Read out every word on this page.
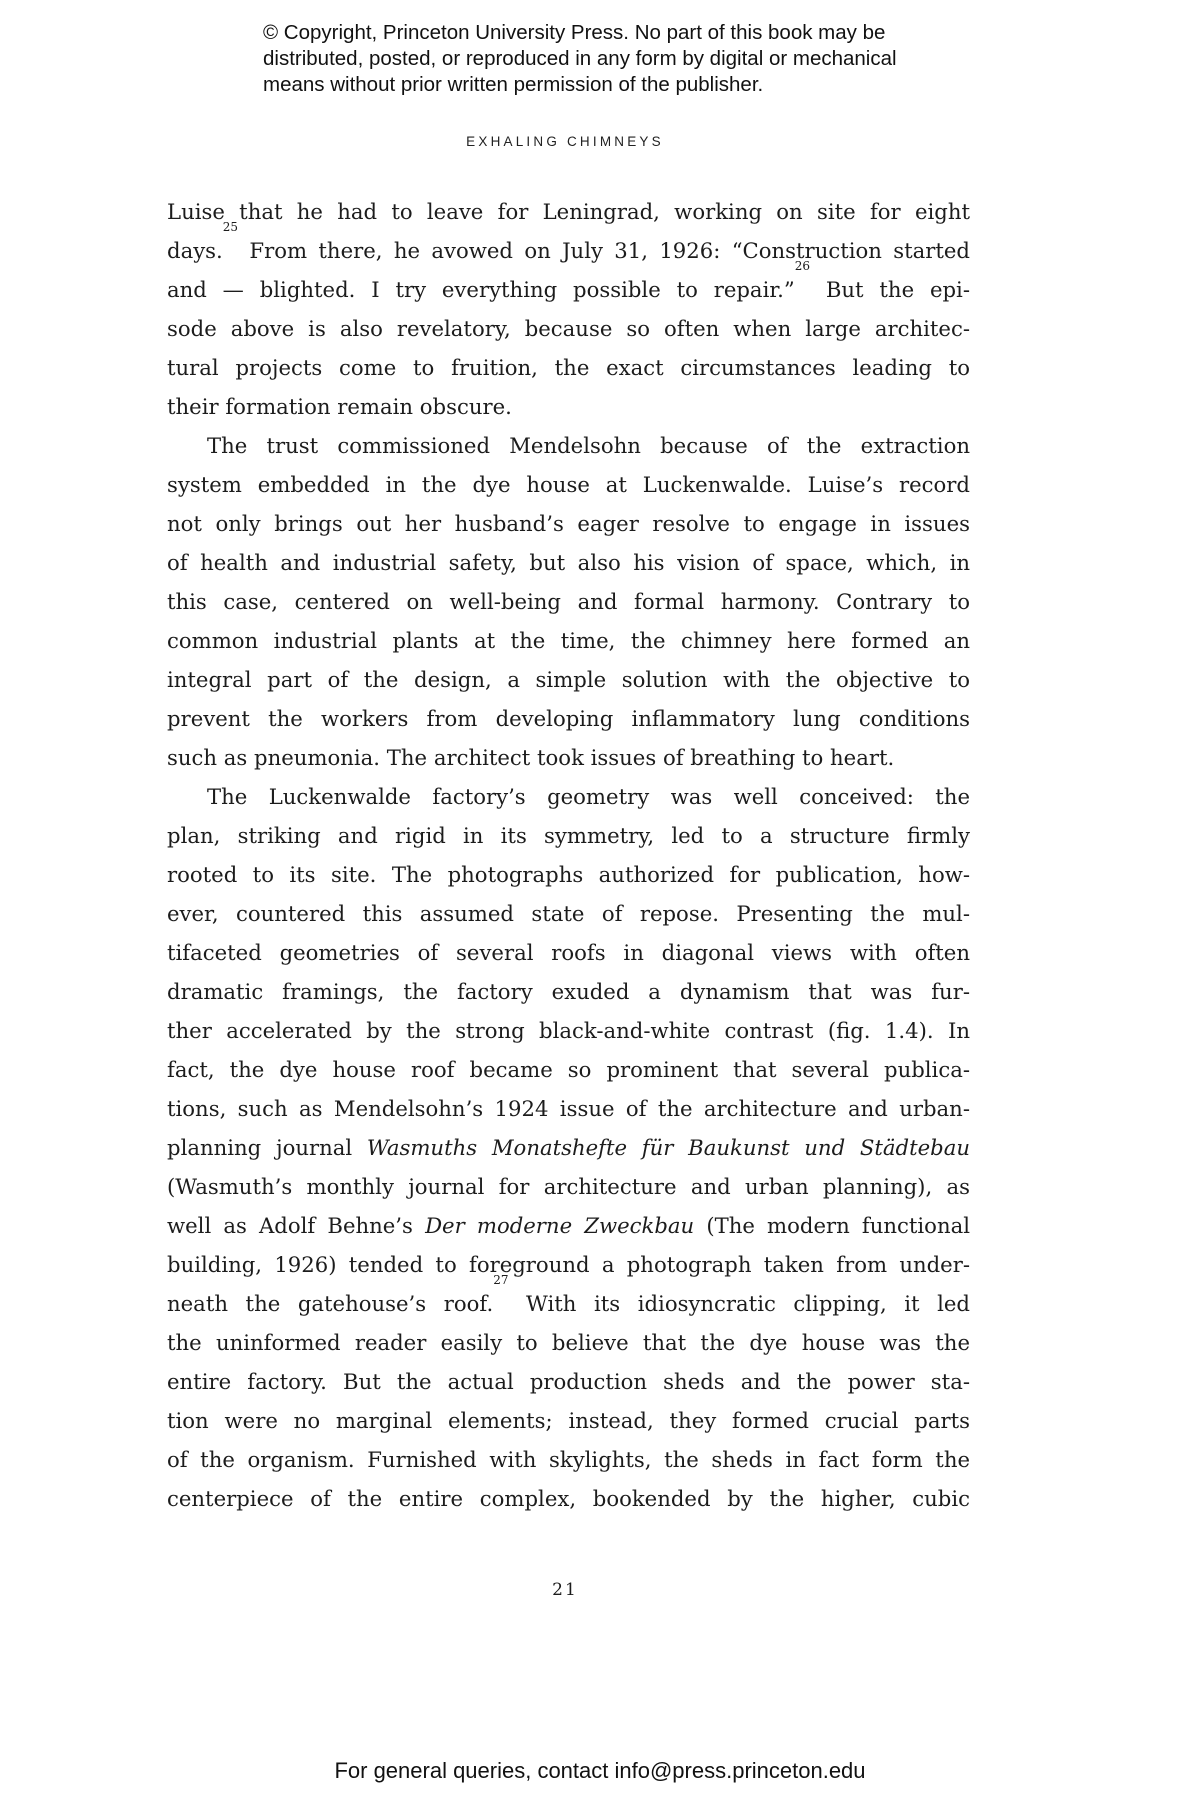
© Copyright, Princeton University Press. No part of this book may be
distributed, posted, or reproduced in any form by digital or mechanical
means without prior written permission of the publisher.
EXHALING CHIMNEYS
Luise that he had to leave for Leningrad, working on site for eight
days.$^{25}$ From there, he avowed on July 31, 1926: “Construction started
and — blighted. I try everything possible to repair.”$^{26}$ But the epi-
sode above is also revelatory, because so often when large architec-
tural projects come to fruition, the exact circumstances leading to
their formation remain obscure.
The trust commissioned Mendelsohn because of the extraction
system embedded in the dye house at Luckenwalde. Luise’s record
not only brings out her husband’s eager resolve to engage in issues
of health and industrial safety, but also his vision of space, which, in
this case, centered on well-being and formal harmony. Contrary to
common industrial plants at the time, the chimney here formed an
integral part of the design, a simple solution with the objective to
prevent the workers from developing inflammatory lung conditions
such as pneumonia. The architect took issues of breathing to heart.
The Luckenwalde factory’s geometry was well conceived: the
plan, striking and rigid in its symmetry, led to a structure firmly
rooted to its site. The photographs authorized for publication, how-
ever, countered this assumed state of repose. Presenting the mul-
tifaceted geometries of several roofs in diagonal views with often
dramatic framings, the factory exuded a dynamism that was fur-
ther accelerated by the strong black-and-white contrast (fig. 1.4). In
fact, the dye house roof became so prominent that several publica-
tions, such as Mendelsohn’s 1924 issue of the architecture and urban-
planning journal Wasmuths Monatshefte für Baukunst und Städtebau
(Wasmuth’s monthly journal for architecture and urban planning), as
well as Adolf Behne’s Der moderne Zweckbau (The modern functional
building, 1926) tended to foreground a photograph taken from under-
neath the gatehouse’s roof.$^{27}$ With its idiosyncratic clipping, it led
the uninformed reader easily to believe that the dye house was the
entire factory. But the actual production sheds and the power sta-
tion were no marginal elements; instead, they formed crucial parts
of the organism. Furnished with skylights, the sheds in fact form the
centerpiece of the entire complex, bookended by the higher, cubic
21
For general queries, contact info@press.princeton.edu
